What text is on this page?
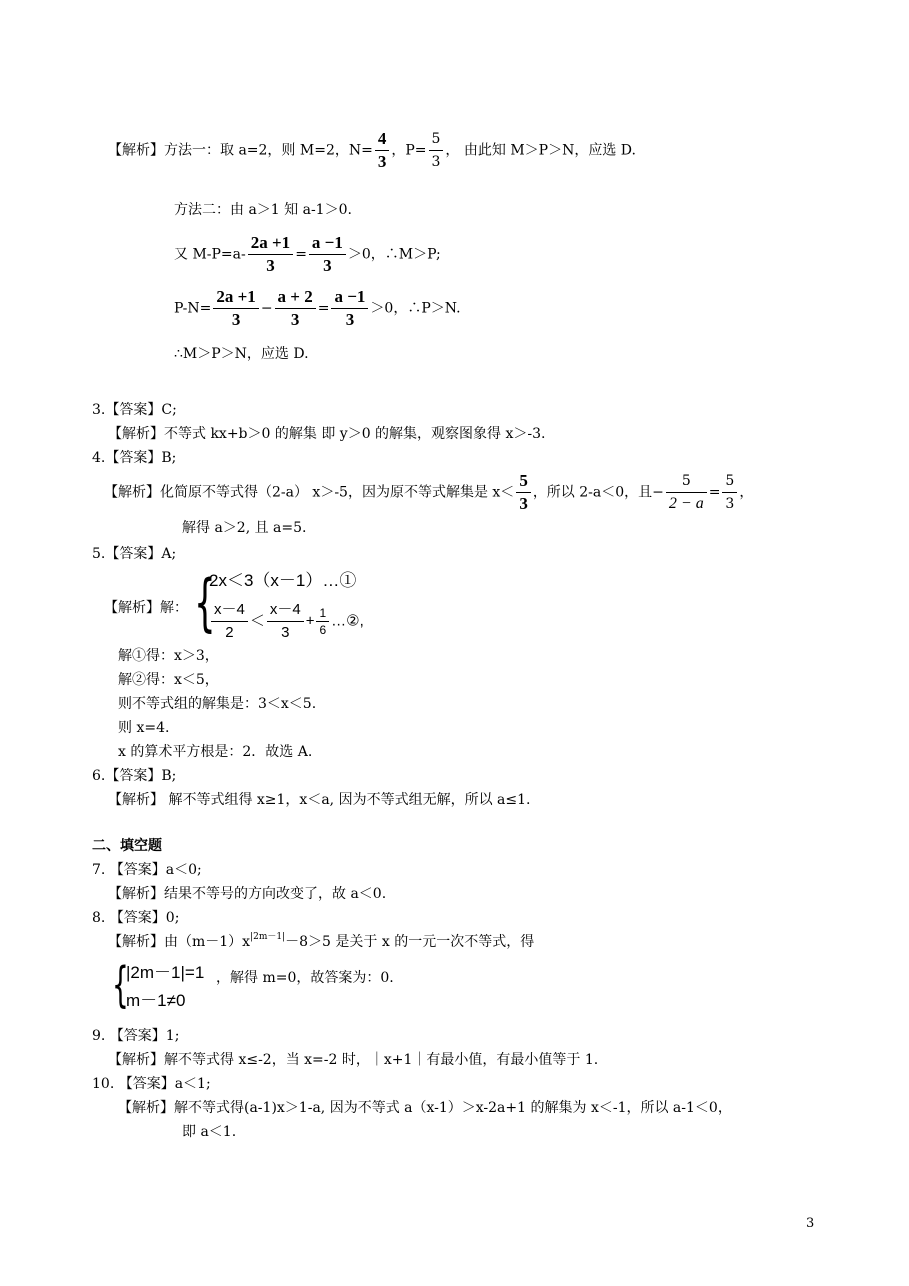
【解析】方法一：取 a=2，则 M=2，$N= \frac{4}{3}$ ，$P= \frac{5}{3}$ ， 由此知 M＞P＞N，应选 D.
方法二：由 a＞1 知 a-1＞0.
又 $M-P=a- \frac{2a +1}{3} = \frac{a -1}{3} >0$，∴M＞P;
$P-N= \frac{2a +1}{3} - \frac{a + 2}{3} = \frac{a -1}{3} >0$，∴P＞N.
∴M＞P＞N，应选 D.
3.【答案】C;
【解析】不等式 kx+b＞0 的解集 即 y＞0 的解集，观察图象得 x＞-3.
4.【答案】B;
【解析】化简原不等式得（2-a） x＞-5，因为原不等式解集是 $x< \frac{5}{3}$ ，所以 2-a＜0，且− $\frac{5}{2 - a} = \frac{5}{3}$ ，
解得 a＞2, 且 a=5.
5.【答案】A;
【解析】解： {
2x＜3（x－1）…①
$\frac{x-4}{2} < \frac{x-4}{3} + \frac{1}{6}$ …②,
解①得：x＞3，
解②得：x＜5，
则不等式组的解集是：3＜x＜5.
则 x=4.
x 的算术平方根是：2．故选 A.
6.【答案】B;
【解析】 解不等式组得 x≥1，x＜a, 因为不等式组无解，所以 a≤1.
二、填空题
7. 【答案】a＜0;
【解析】结果不等号的方向改变了，故 a＜0.
8. 【答案】0;
【解析】由$(m-1)x^{|2m-1|}-8>5$ 是关于 x 的一元一次不等式，得
{
|2m－1|=1
m－1≠0
，解得 m=0，故答案为：0.
9. 【答案】1;
【解析】解不等式得 x≤-2，当 x=-2 时，｜x+1｜有最小值，有最小值等于 1.
10. 【答案】a＜1;
【解析】解不等式得(a-1)x＞1-a, 因为不等式 a（x-1）＞x-2a+1 的解集为 x＜-1，所以 a-1＜0，
即 a＜1.
3
